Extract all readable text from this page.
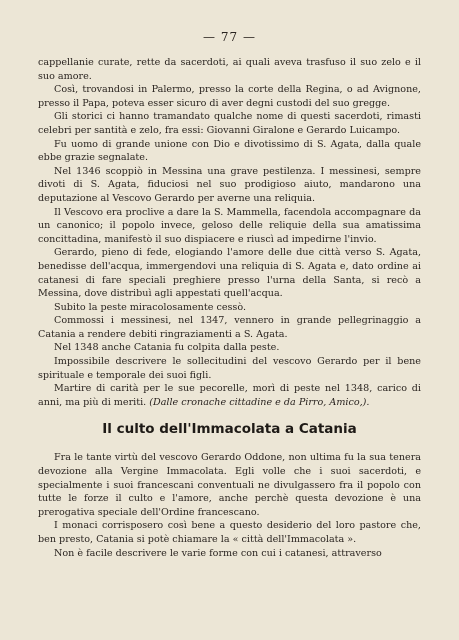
— 77 —

cappellanie curate, rette da sacerdoti, ai quali aveva trasfuso il suo zelo e il suo amore.

Così, trovandosi in Palermo, presso la corte della Regina, o ad Avignone, presso il Papa, poteva esser sicuro di aver degni custodi del suo gregge.

Gli storici ci hanno tramandato qualche nome di questi sacerdoti, rimasti celebri per santità e zelo, fra essi: Giovanni Giralone e Gerardo Luicampo.

Fu uomo di grande unione con Dio e divotissimo di S. Agata, dalla quale ebbe grazie segnalate.

Nel 1346 scoppiò in Messina una grave pestilenza. I messinesi, sempre divoti di S. Agata, fiduciosi nel suo prodigioso aiuto, mandarono una deputazione al Vescovo Gerardo per averne una reliquia.

Il Vescovo era proclive a dare la S. Mammella, facendola accompagnare da un canonico; il popolo invece, geloso delle reliquie della sua amatissima concittadina, manifestò il suo dispiacere e riuscì ad impedirne l'invio.

Gerardo, pieno di fede, elogiando l'amore delle due città verso S. Agata, benedisse dell'acqua, immergendovi una reliquia di S. Agata e, dato ordine ai catanesi di fare speciali preghiere presso l'urna della Santa, si recò a Messina, dove distribuì agli appestati quell'acqua.

Subito la peste miracolosamente cessò.

Commossi i messinesi, nel 1347, vennero in grande pellegrinaggio a Catania a rendere debiti ringraziamenti a S. Agata.

Nel 1348 anche Catania fu colpita dalla peste.

Impossibile descrivere le sollecitudini del vescovo Gerardo per il bene spirituale e temporale dei suoi figli.

Martire di carità per le sue pecorelle, morì di peste nel 1348, carico di anni, ma più di meriti. (Dalle cronache cittadine e da Pirro, Amico,).

Il culto dell'Immacolata a Catania

Fra le tante virtù del vescovo Gerardo Oddone, non ultima fu la sua tenera devozione alla Vergine Immacolata. Egli volle che i suoi sacerdoti, e specialmente i suoi francescani conventuali ne divulgassero fra il popolo con tutte le forze il culto e l'amore, anche perchè questa devozione è una prerogativa speciale dell'Ordine francescano.

I monaci corrisposero così bene a questo desiderio del loro pastore che, ben presto, Catania si potè chiamare la « città dell'Immacolata ».

Non è facile descrivere le varie forme con cui i catanesi, attraverso
